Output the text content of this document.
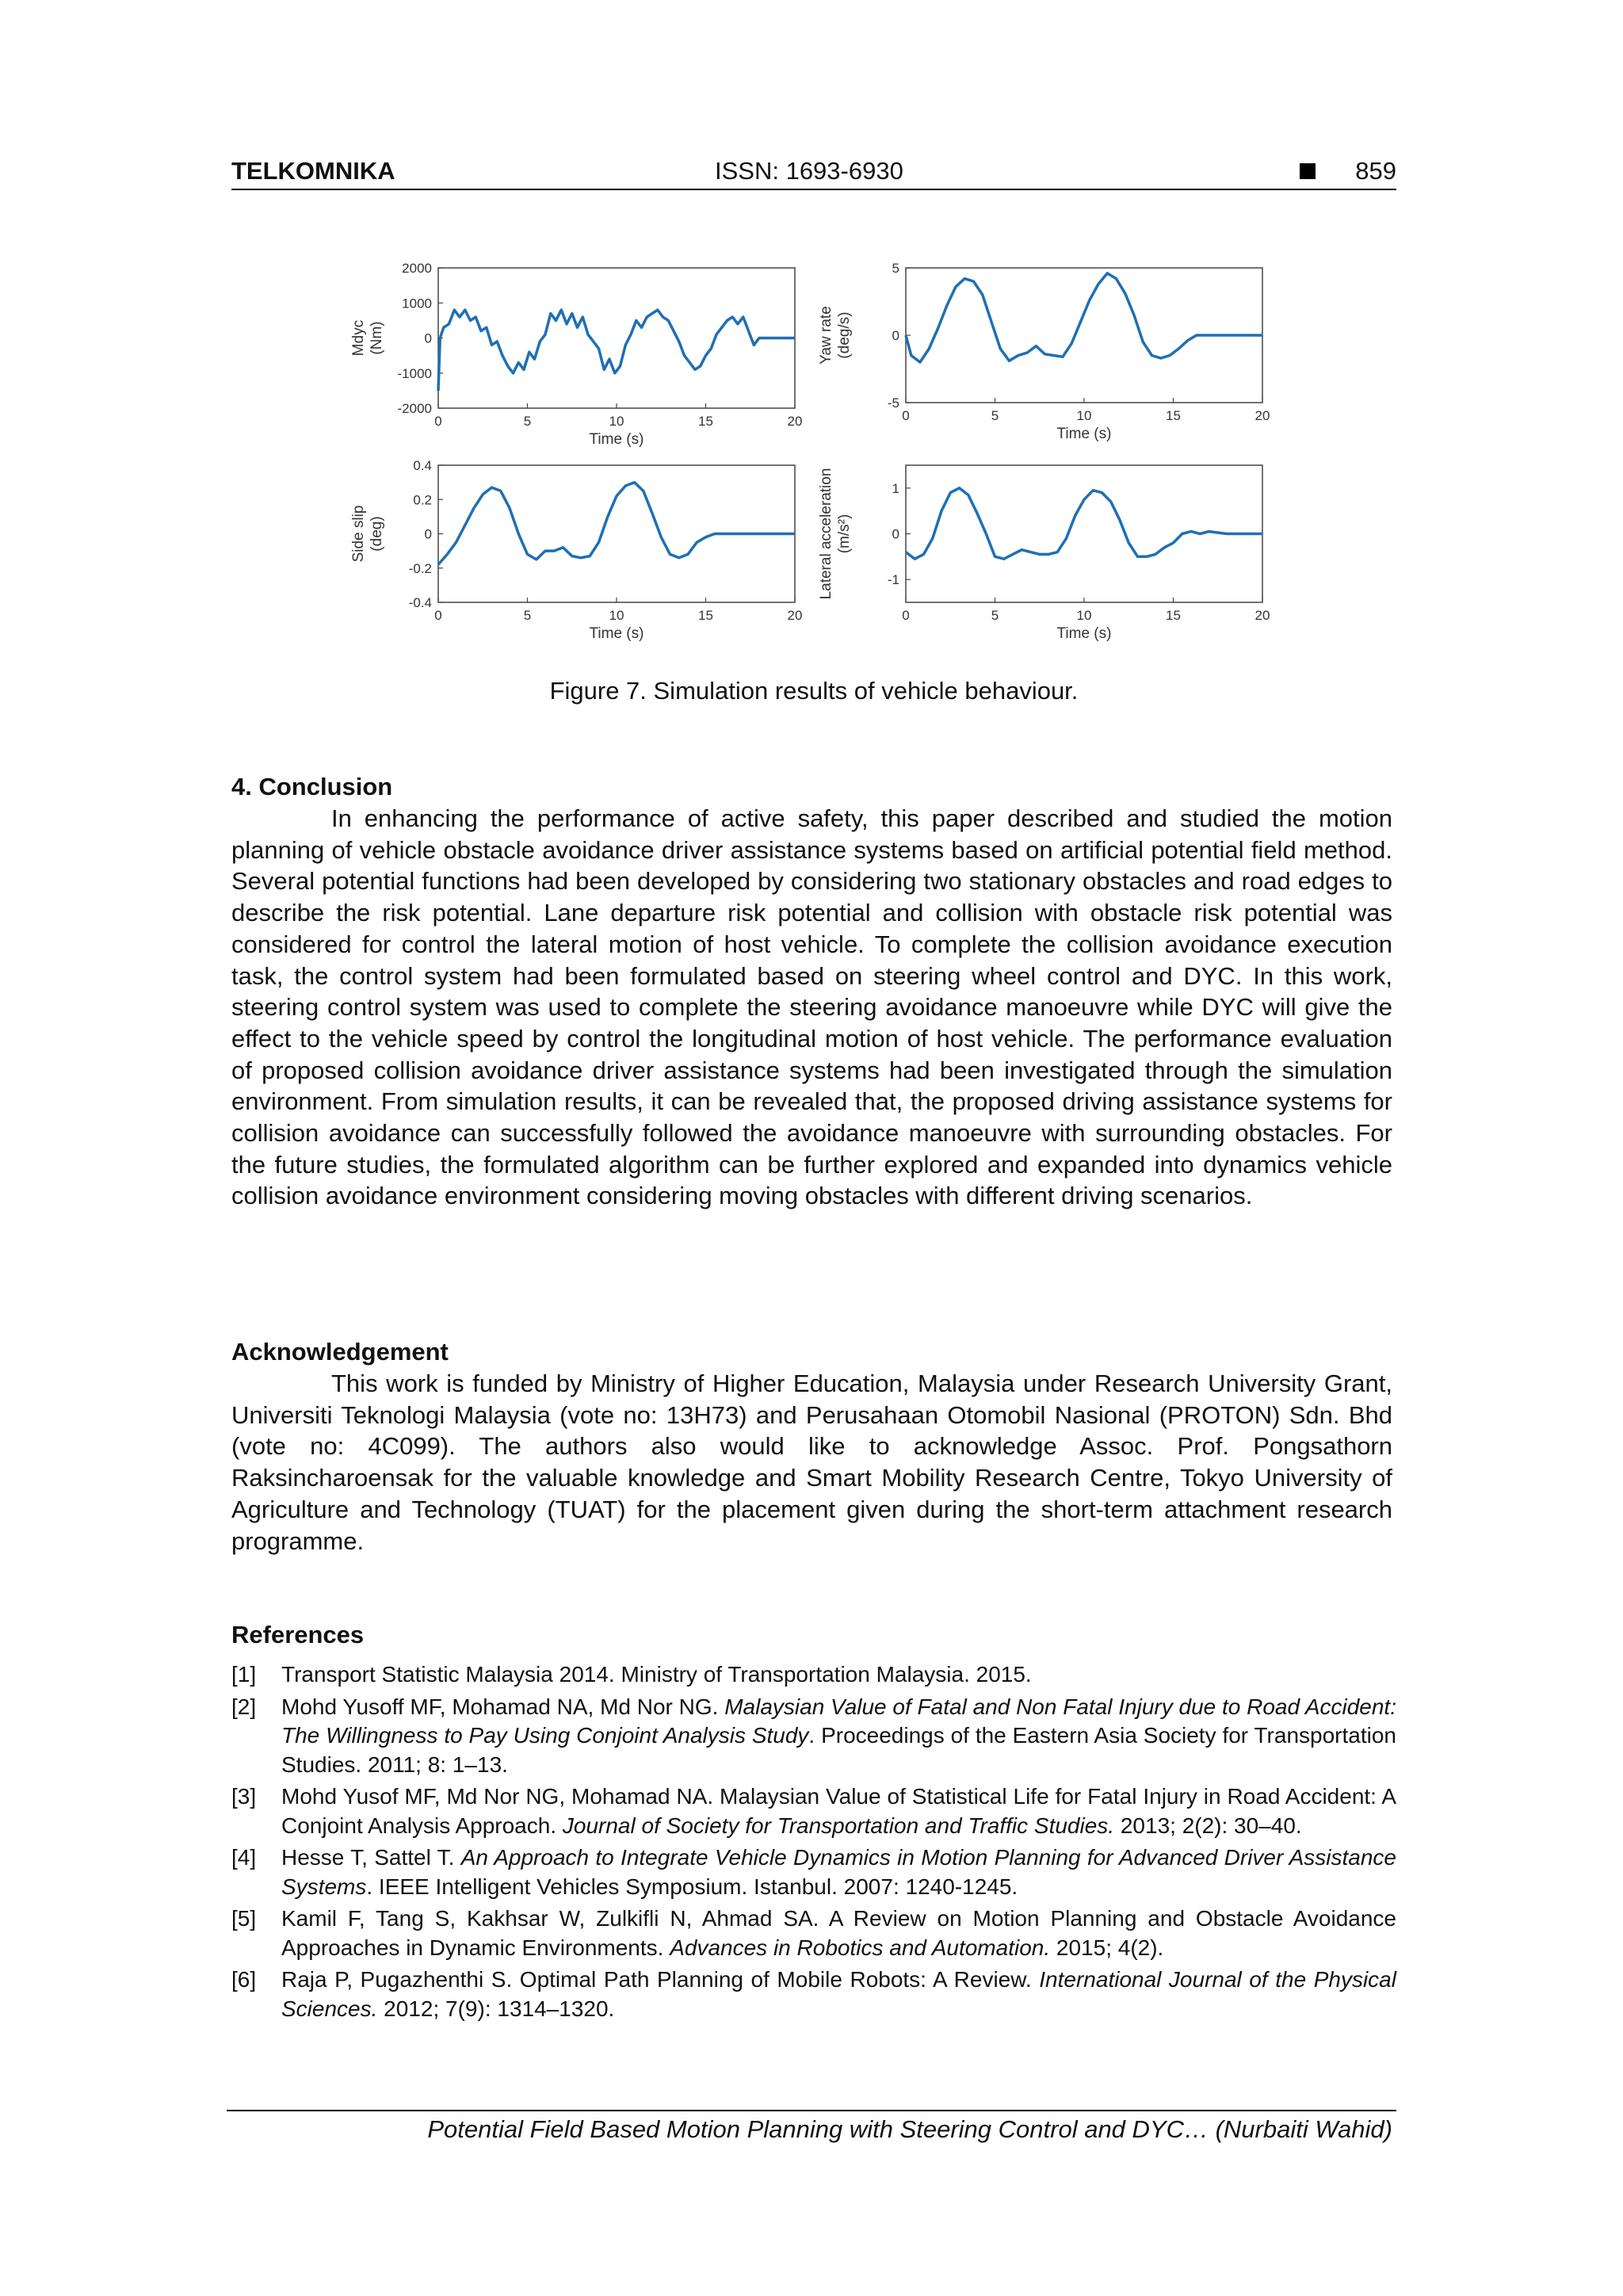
TELKOMNIKA	ISSN: 1693-6930	859
0	5	10	15	20
2000
1000
0
-1000
-2000
Time (s)
Mdyc (Nm)
0	5	10	15	20
5
0
-5
Time (s)
Yaw rate (deg/s)
0	5	10	15	20
0.4
0.2
0
-0.2
-0.4
Time (s)
Side slip (deg)
0	5	10	15	20
1
0
-1
Time (s)
Lateral acceleration (m/s²)
Figure 7. Simulation results of vehicle behaviour.
4. Conclusion

In enhancing the performance of active safety, this paper described and studied the motion planning of vehicle obstacle avoidance driver assistance systems based on artificial potential field method. Several potential functions had been developed by considering two stationary obstacles and road edges to describe the risk potential. Lane departure risk potential and collision with obstacle risk potential was considered for control the lateral motion of host vehicle. To complete the collision avoidance execution task, the control system had been formulated based on steering wheel control and DYC. In this work, steering control system was used to complete the steering avoidance manoeuvre while DYC will give the effect to the vehicle speed by control the longitudinal motion of host vehicle. The performance evaluation of proposed collision avoidance driver assistance systems had been investigated through the simulation environment. From simulation results, it can be revealed that, the proposed driving assistance systems for collision avoidance can successfully followed the avoidance manoeuvre with surrounding obstacles. For the future studies, the formulated algorithm can be further explored and expanded into dynamics vehicle collision avoidance environment considering moving obstacles with different driving scenarios.

Acknowledgement

This work is funded by Ministry of Higher Education, Malaysia under Research University Grant, Universiti Teknologi Malaysia (vote no: 13H73) and Perusahaan Otomobil Nasional (PROTON) Sdn. Bhd (vote no: 4C099). The authors also would like to acknowledge Assoc. Prof. Pongsathorn Raksincharoensak for the valuable knowledge and Smart Mobility Research Centre, Tokyo University of Agriculture and Technology (TUAT) for the placement given during the short-term attachment research programme.

References
[1] Transport Statistic Malaysia 2014. Ministry of Transportation Malaysia. 2015.
[2] Mohd Yusoff MF, Mohamad NA, Md Nor NG. Malaysian Value of Fatal and Non Fatal Injury due to Road Accident: The Willingness to Pay Using Conjoint Analysis Study. Proceedings of the Eastern Asia Society for Transportation Studies. 2011; 8: 1–13.
[3] Mohd Yusof MF, Md Nor NG, Mohamad NA. Malaysian Value of Statistical Life for Fatal Injury in Road Accident: A Conjoint Analysis Approach. Journal of Society for Transportation and Traffic Studies. 2013; 2(2): 30–40.
[4] Hesse T, Sattel T. An Approach to Integrate Vehicle Dynamics in Motion Planning for Advanced Driver Assistance Systems. IEEE Intelligent Vehicles Symposium. Istanbul. 2007: 1240-1245.
[5] Kamil F, Tang S, Kakhsar W, Zulkifli N, Ahmad SA. A Review on Motion Planning and Obstacle Avoidance Approaches in Dynamic Environments. Advances in Robotics and Automation. 2015; 4(2).
[6] Raja P, Pugazhenthi S. Optimal Path Planning of Mobile Robots: A Review. International Journal of the Physical Sciences. 2012; 7(9): 1314–1320.
Potential Field Based Motion Planning with Steering Control and DYC… (Nurbaiti Wahid)
